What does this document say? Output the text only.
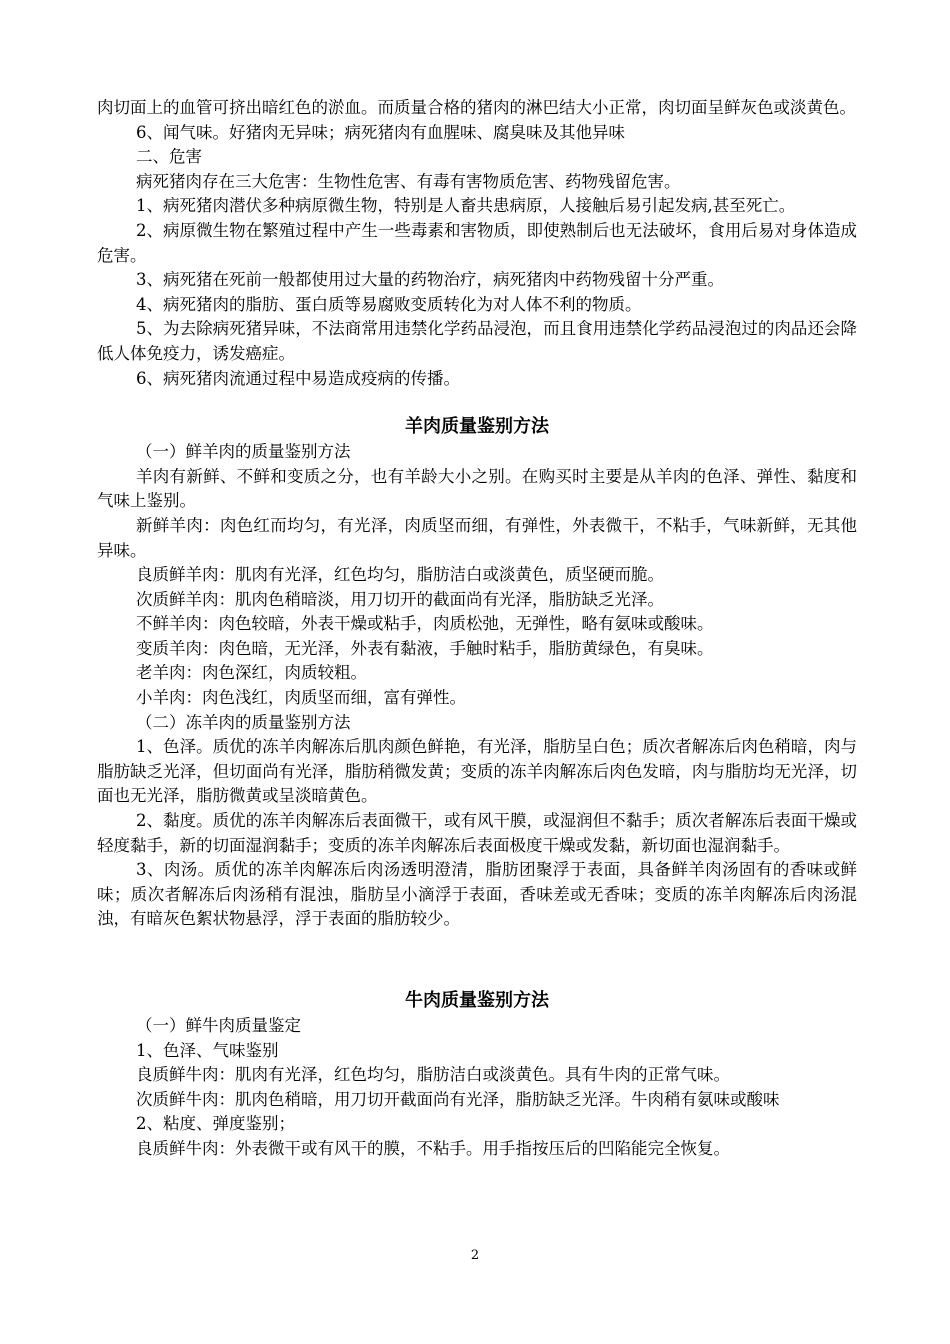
肉切面上的血管可挤出暗红色的淤血。而质量合格的猪肉的淋巴结大小正常，肉切面呈鲜灰色或淡黄色。

6、闻气味。好猪肉无异味；病死猪肉有血腥味、腐臭味及其他异味

二、危害

病死猪肉存在三大危害：生物性危害、有毒有害物质危害、药物残留危害。

1、病死猪肉潜伏多种病原微生物，特别是人畜共患病原，人接触后易引起发病,甚至死亡。

2、病原微生物在繁殖过程中产生一些毒素和害物质，即使熟制后也无法破坏，食用后易对身体造成危害。

3、病死猪在死前一般都使用过大量的药物治疗，病死猪肉中药物残留十分严重。

4、病死猪肉的脂肪、蛋白质等易腐败变质转化为对人体不利的物质。

5、为去除病死猪异味，不法商常用违禁化学药品浸泡，而且食用违禁化学药品浸泡过的肉品还会降低人体免疫力，诱发癌症。

6、病死猪肉流通过程中易造成疫病的传播。

羊肉质量鉴别方法

（一）鲜羊肉的质量鉴别方法

羊肉有新鲜、不鲜和变质之分，也有羊龄大小之别。在购买时主要是从羊肉的色泽、弹性、黏度和气味上鉴别。

新鲜羊肉：肉色红而均匀，有光泽，肉质坚而细，有弹性，外表微干，不粘手，气味新鲜，无其他异味。

良质鲜羊肉：肌肉有光泽，红色均匀，脂肪洁白或淡黄色，质坚硬而脆。

次质鲜羊肉：肌肉色稍暗淡，用刀切开的截面尚有光泽，脂肪缺乏光泽。

不鲜羊肉：肉色较暗，外表干燥或粘手，肉质松弛，无弹性，略有氨味或酸味。

变质羊肉：肉色暗，无光泽，外表有黏液，手触时粘手，脂肪黄绿色，有臭味。

老羊肉：肉色深红，肉质较粗。

小羊肉：肉色浅红，肉质坚而细，富有弹性。

（二）冻羊肉的质量鉴别方法

1、色泽。质优的冻羊肉解冻后肌肉颜色鲜艳，有光泽，脂肪呈白色；质次者解冻后肉色稍暗，肉与脂肪缺乏光泽，但切面尚有光泽，脂肪稍微发黄；变质的冻羊肉解冻后肉色发暗，肉与脂肪均无光泽，切面也无光泽，脂肪微黄或呈淡暗黄色。

2、黏度。质优的冻羊肉解冻后表面微干，或有风干膜，或湿润但不黏手；质次者解冻后表面干燥或轻度黏手，新的切面湿润黏手；变质的冻羊肉解冻后表面极度干燥或发黏，新切面也湿润黏手。

3、肉汤。质优的冻羊肉解冻后肉汤透明澄清，脂肪团聚浮于表面，具备鲜羊肉汤固有的香味或鲜味；质次者解冻后肉汤稍有混浊，脂肪呈小滴浮于表面，香味差或无香味；变质的冻羊肉解冻后肉汤混浊，有暗灰色絮状物悬浮，浮于表面的脂肪较少。

牛肉质量鉴别方法

（一）鲜牛肉质量鉴定

1、色泽、气味鉴别

良质鲜牛肉：肌肉有光泽，红色均匀，脂肪洁白或淡黄色。具有牛肉的正常气味。

次质鲜牛肉：肌肉色稍暗，用刀切开截面尚有光泽，脂肪缺乏光泽。牛肉稍有氨味或酸味

2、粘度、弹度鉴别；

良质鲜牛肉：外表微干或有风干的膜，不粘手。用手指按压后的凹陷能完全恢复。

2
